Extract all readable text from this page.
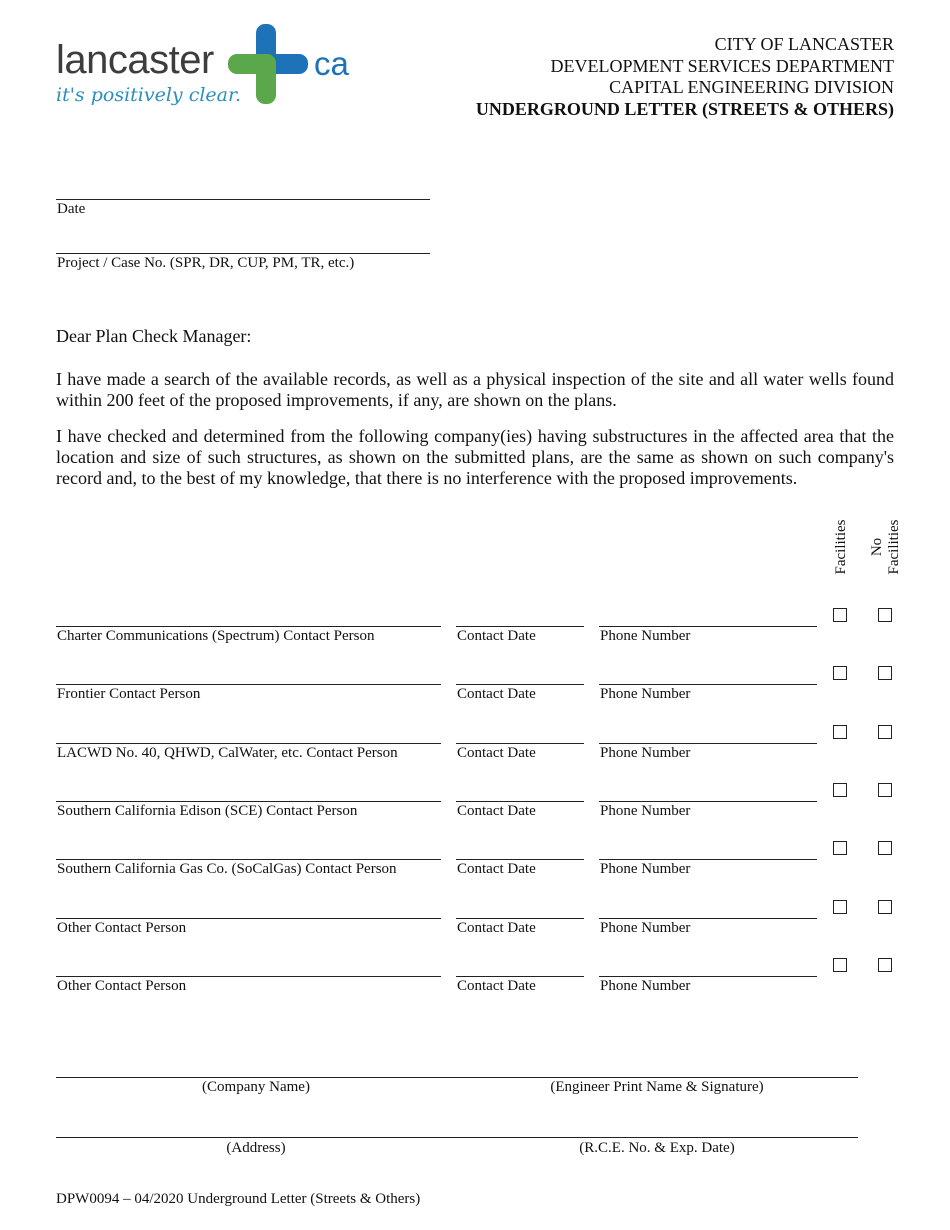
lancaster	ca
it's positively clear.
CITY OF LANCASTER
DEVELOPMENT SERVICES DEPARTMENT
CAPITAL ENGINEERING DIVISION
UNDERGROUND LETTER (STREETS & OTHERS)
Date
Project / Case No. (SPR, DR, CUP, PM, TR, etc.)
Dear Plan Check Manager:
I have made a search of the available records, as well as a physical inspection of the site and all water wells found within 200 feet of the proposed improvements, if any, are shown on the plans.
I have checked and determined from the following company(ies) having substructures in the affected area that the location and size of such structures, as shown on the submitted plans, are the same as shown on such company's record and, to the best of my knowledge, that there is no interference with the proposed improvements.
Facilities No Facilities
Charter Communications (Spectrum) Contact Person	Contact Date	Phone Number
Frontier Contact Person	Contact Date	Phone Number
LACWD No. 40, QHWD, CalWater, etc. Contact Person	Contact Date	Phone Number
Southern California Edison (SCE) Contact Person	Contact Date	Phone Number
Southern California Gas Co. (SoCalGas) Contact Person	Contact Date	Phone Number
Other Contact Person	Contact Date	Phone Number
Other Contact Person	Contact Date	Phone Number
(Company Name)	(Engineer Print Name & Signature)
(Address)	(R.C.E. No. & Exp. Date)
DPW0094 – 04/2020 Underground Letter (Streets & Others)
